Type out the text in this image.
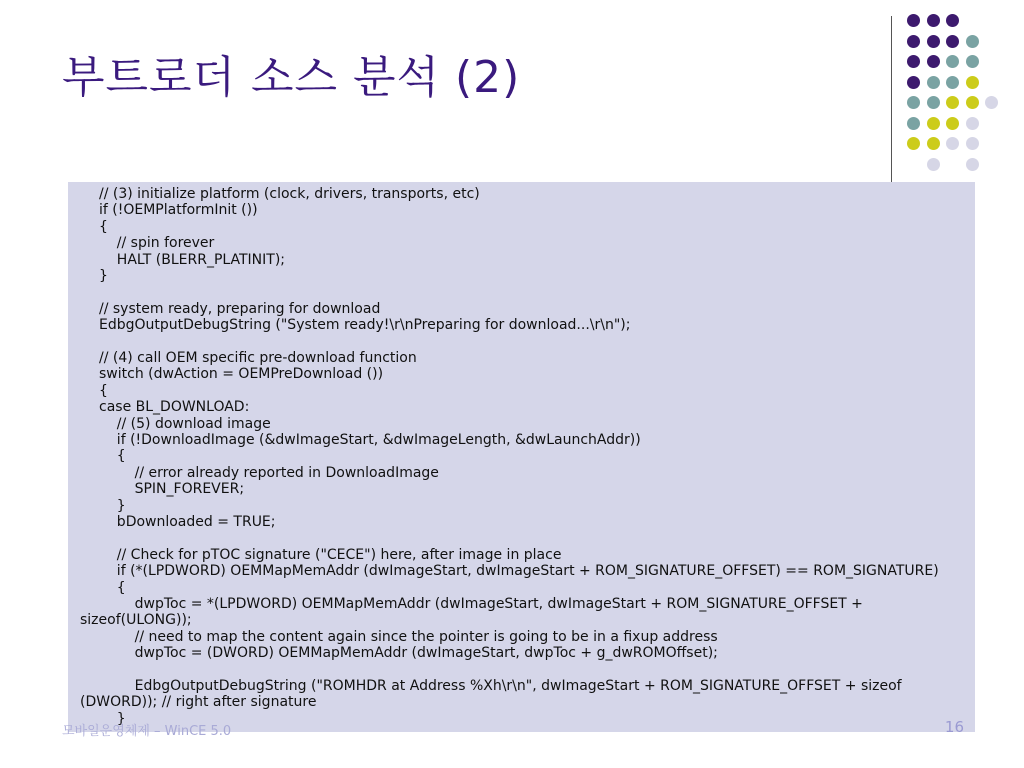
부트로더 소스 분석 (2)
// (3) initialize platform (clock, drivers, transports, etc)
if (!OEMPlatformInit ())
{
// spin forever
HALT (BLERR_PLATINIT);
}
// system ready, preparing for download
EdbgOutputDebugString ("System ready!\r\nPreparing for download...\r\n");
// (4) call OEM specific pre-download function
switch (dwAction = OEMPreDownload ())
{
case BL_DOWNLOAD:
// (5) download image
if (!DownloadImage (&dwImageStart, &dwImageLength, &dwLaunchAddr))
{
// error already reported in DownloadImage
SPIN_FOREVER;
}
bDownloaded = TRUE;
// Check for pTOC signature ("CECE") here, after image in place
if (*(LPDWORD) OEMMapMemAddr (dwImageStart, dwImageStart + ROM_SIGNATURE_OFFSET) == ROM_SIGNATURE)
{
dwpToc = *(LPDWORD) OEMMapMemAddr (dwImageStart, dwImageStart + ROM_SIGNATURE_OFFSET +
sizeof(ULONG));
// need to map the content again since the pointer is going to be in a fixup address
dwpToc = (DWORD) OEMMapMemAddr (dwImageStart, dwpToc + g_dwROMOffset);
EdbgOutputDebugString ("ROMHDR at Address %Xh\r\n", dwImageStart + ROM_SIGNATURE_OFFSET + sizeof
(DWORD)); // right after signature
}
모바일운영체제 – WinCE 5.0	16
